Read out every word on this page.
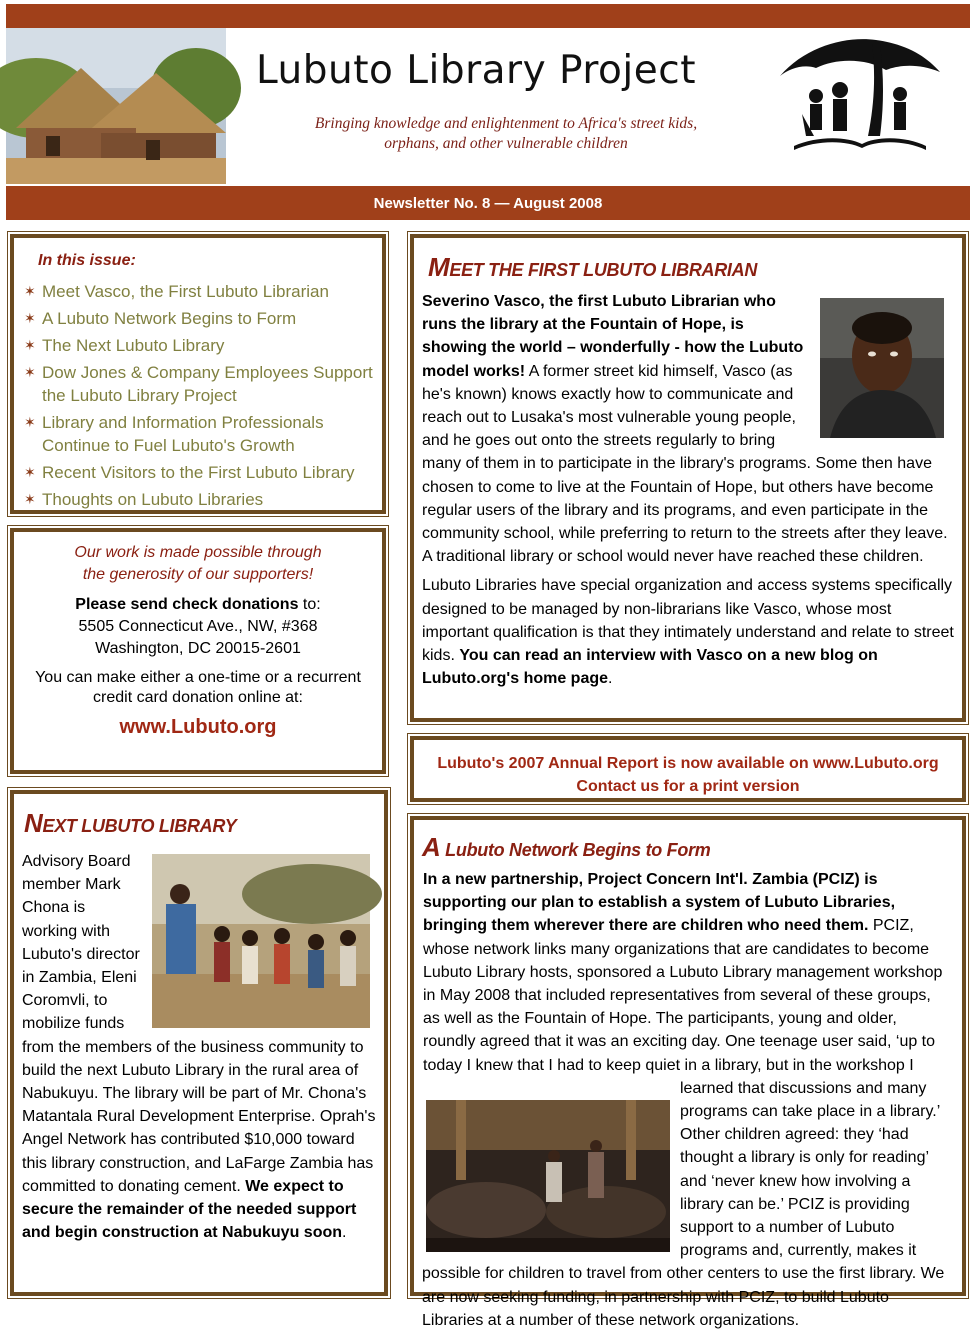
Lubuto Library Project
Bringing knowledge and enlightenment to Africa's street kids,
orphans, and other vulnerable children
Newsletter No. 8 — August 2008
In this issue:
✶ Meet Vasco, the First Lubuto Librarian
✶ A Lubuto Network Begins to Form
✶ The Next Lubuto Library
✶ Dow Jones & Company Employees Support the Lubuto Library Project
✶ Library and Information Professionals Continue to Fuel Lubuto's Growth
✶ Recent Visitors to the First Lubuto Library
✶ Thoughts on Lubuto Libraries
Our work is made possible through
the generosity of our supporters!
Please send check donations to:
5505 Connecticut Ave., NW, #368
Washington, DC 20015-2601
You can make either a one-time or a recurrent
credit card donation online at:
www.Lubuto.org
MEET THE FIRST LUBUTO LIBRARIAN

Severino Vasco, the first Lubuto Librarian who runs the library at the Fountain of Hope, is showing the world – wonderfully - how the Lubuto model works! A former street kid himself, Vasco (as he's known) knows exactly how to communicate and reach out to Lusaka's most vulnerable young people, and he goes out onto the streets regularly to bring many of them in to participate in the library's programs. Some then have chosen to come to live at the Fountain of Hope, but others have become regular users of the library and its programs, and even participate in the community school, while preferring to return to the streets after they leave. A traditional library or school would never have reached these children.

Lubuto Libraries have special organization and access systems specifically designed to be managed by non-librarians like Vasco, whose most important qualification is that they intimately understand and relate to street kids. You can read an interview with Vasco on a new blog on Lubuto.org's home page.

Lubuto's 2007 Annual Report is now available on www.Lubuto.org
Contact us for a print version
A Lubuto Network Begins to Form
In a new partnership, Project Concern Int'l. Zambia (PCIZ) is supporting our plan to establish a system of Lubuto Libraries, bringing them wherever there are children who need them. PCIZ, whose network links many organizations that are candidates to become Lubuto Library hosts, sponsored a Lubuto Library management workshop in May 2008 that included representatives from several of these groups, as well as the Fountain of Hope. The participants, young and older, roundly agreed that it was an exciting day. One teenage user said, ‘up to today I knew that I had to keep quiet in a library, but in the workshop I learned that discussions and many programs can take place in a library.’ Other children agreed: they ‘had thought a library is only for reading’ and ‘never knew how involving a library can be.’ PCIZ is providing support to a number of Lubuto programs and, currently, makes it possible for children to travel from other centers to use the first library. We are now seeking funding, in partnership with PCIZ, to build Lubuto Libraries at a number of these network organizations.
NEXT LUBUTO LIBRARY
Advisory Board member Mark Chona is working with Lubuto's director in Zambia, Eleni Coromvli, to mobilize funds from the members of the business community to build the next Lubuto Library in the rural area of Nabukuyu. The library will be part of Mr. Chona's Matantala Rural Development Enterprise. Oprah's Angel Network has contributed $10,000 toward this library construction, and LaFarge Zambia has committed to donating cement. We expect to secure the remainder of the needed support and begin construction at Nabukuyu soon.
